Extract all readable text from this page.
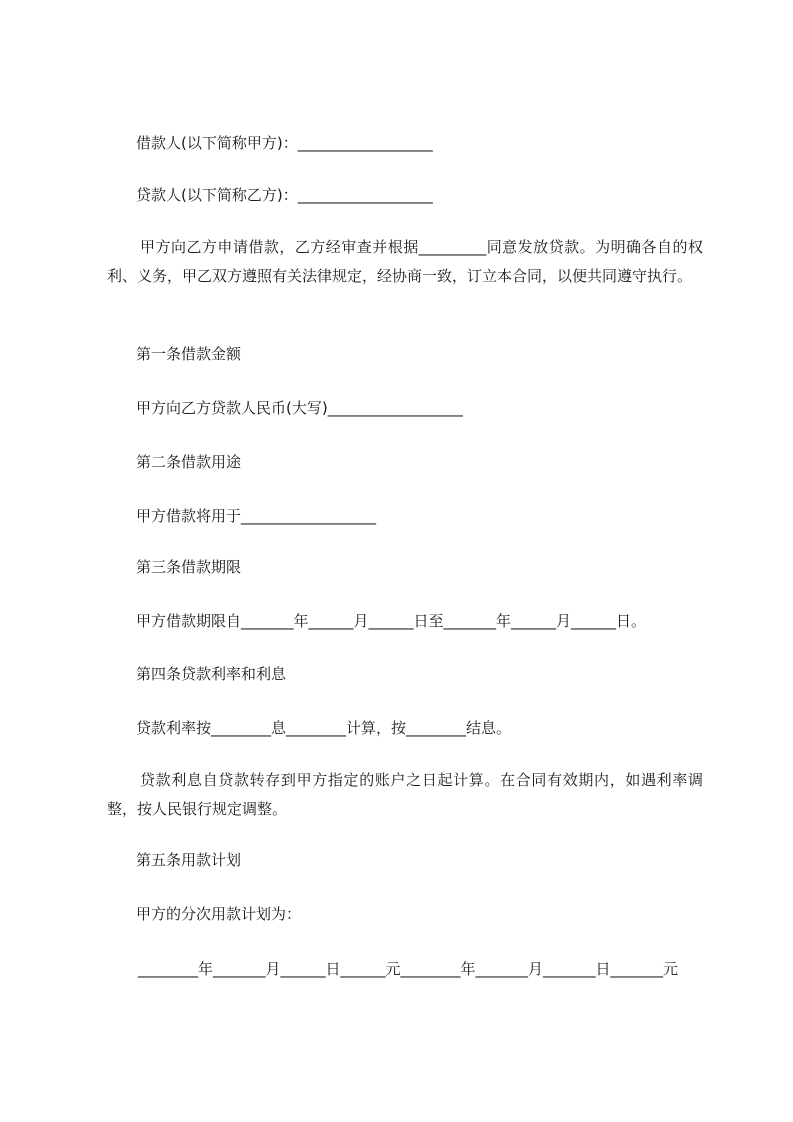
借款人(以下简称甲方)：__________________
贷款人(以下简称乙方)：__________________
甲方向乙方申请借款，乙方经审查并根据_________同意发放贷款。为明确各自的权利、义务，甲乙双方遵照有关法律规定，经协商一致，订立本合同，以便共同遵守执行。
第一条借款金额
甲方向乙方贷款人民币(大写)__________________
第二条借款用途
甲方借款将用于__________________
第三条借款期限
甲方借款期限自_______年______月______日至_______年______月______日。
第四条贷款利率和利息
贷款利率按________息________计算，按________结息。
贷款利息自贷款转存到甲方指定的账户之日起计算。在合同有效期内，如遇利率调整，按人民银行规定调整。
第五条用款计划
甲方的分次用款计划为：
________年_______月______日______元________年_______月_______日_______元
